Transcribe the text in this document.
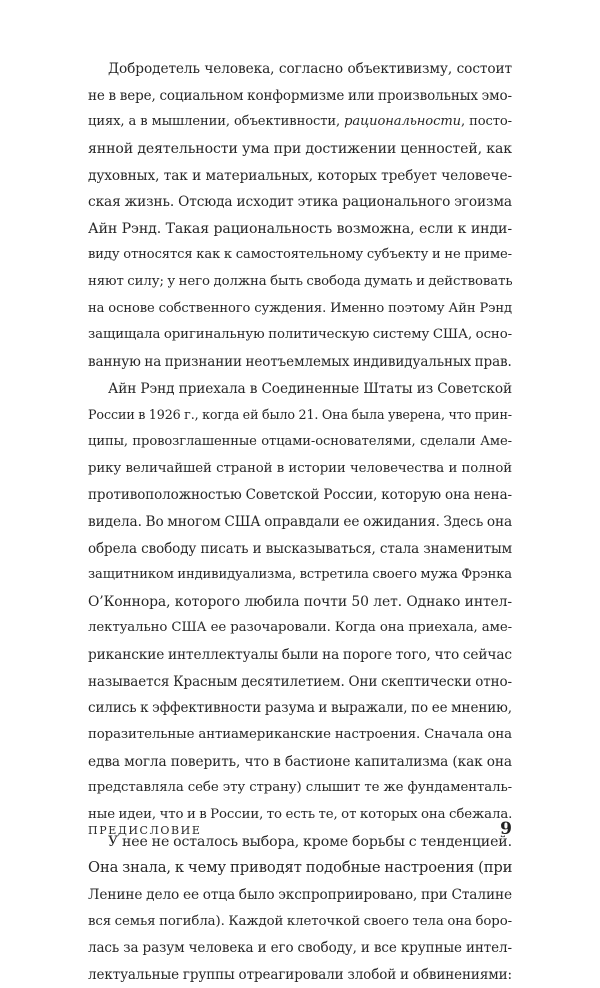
Добродетель человека, согласно объективизму, состоит
не в вере, социальном конформизме или произвольных эмо-
циях, а в мышлении, объективности, рациональности, посто-
янной деятельности ума при достижении ценностей, как
духовных, так и материальных, которых требует человече-
ская жизнь. Отсюда исходит этика рационального эгоизма
Айн Рэнд. Такая рациональность возможна, если к инди-
виду относятся как к самостоятельному субъекту и не приме-
няют силу; у него должна быть свобода думать и действовать
на основе собственного суждения. Именно поэтому Айн Рэнд
защищала оригинальную политическую систему США, осно-
ванную на признании неотъемлемых индивидуальных прав.
Айн Рэнд приехала в Соединенные Штаты из Советской
России в 1926 г., когда ей было 21. Она была уверена, что прин-
ципы, провозглашенные отцами-основателями, сделали Аме-
рику величайшей страной в истории человечества и полной
противоположностью Советской России, которую она нена-
видела. Во многом США оправдали ее ожидания. Здесь она
обрела свободу писать и высказываться, стала знаменитым
защитником индивидуализма, встретила своего мужа Фрэнка
О’Коннора, которого любила почти 50 лет. Однако интел-
лектуально США ее разочаровали. Когда она приехала, аме-
риканские интеллектуалы были на пороге того, что сейчас
называется Красным десятилетием. Они скептически отно-
сились к эффективности разума и выражали, по ее мнению,
поразительные антиамериканские настроения. Сначала она
едва могла поверить, что в бастионе капитализма (как она
представляла себе эту страну) слышит те же фундаменталь-
ные идеи, что и в России, то есть те, от которых она сбежала.
У нее не осталось выбора, кроме борьбы с тенденцией.
Она знала, к чему приводят подобные настроения (при
Ленине дело ее отца было экспроприировано, при Сталине
вся семья погибла). Каждой клеточкой своего тела она боро-
лась за разум человека и его свободу, и все крупные интел-
лектуальные группы отреагировали злобой и обвинениями:
ПРЕДИСЛОВИЕ	9
